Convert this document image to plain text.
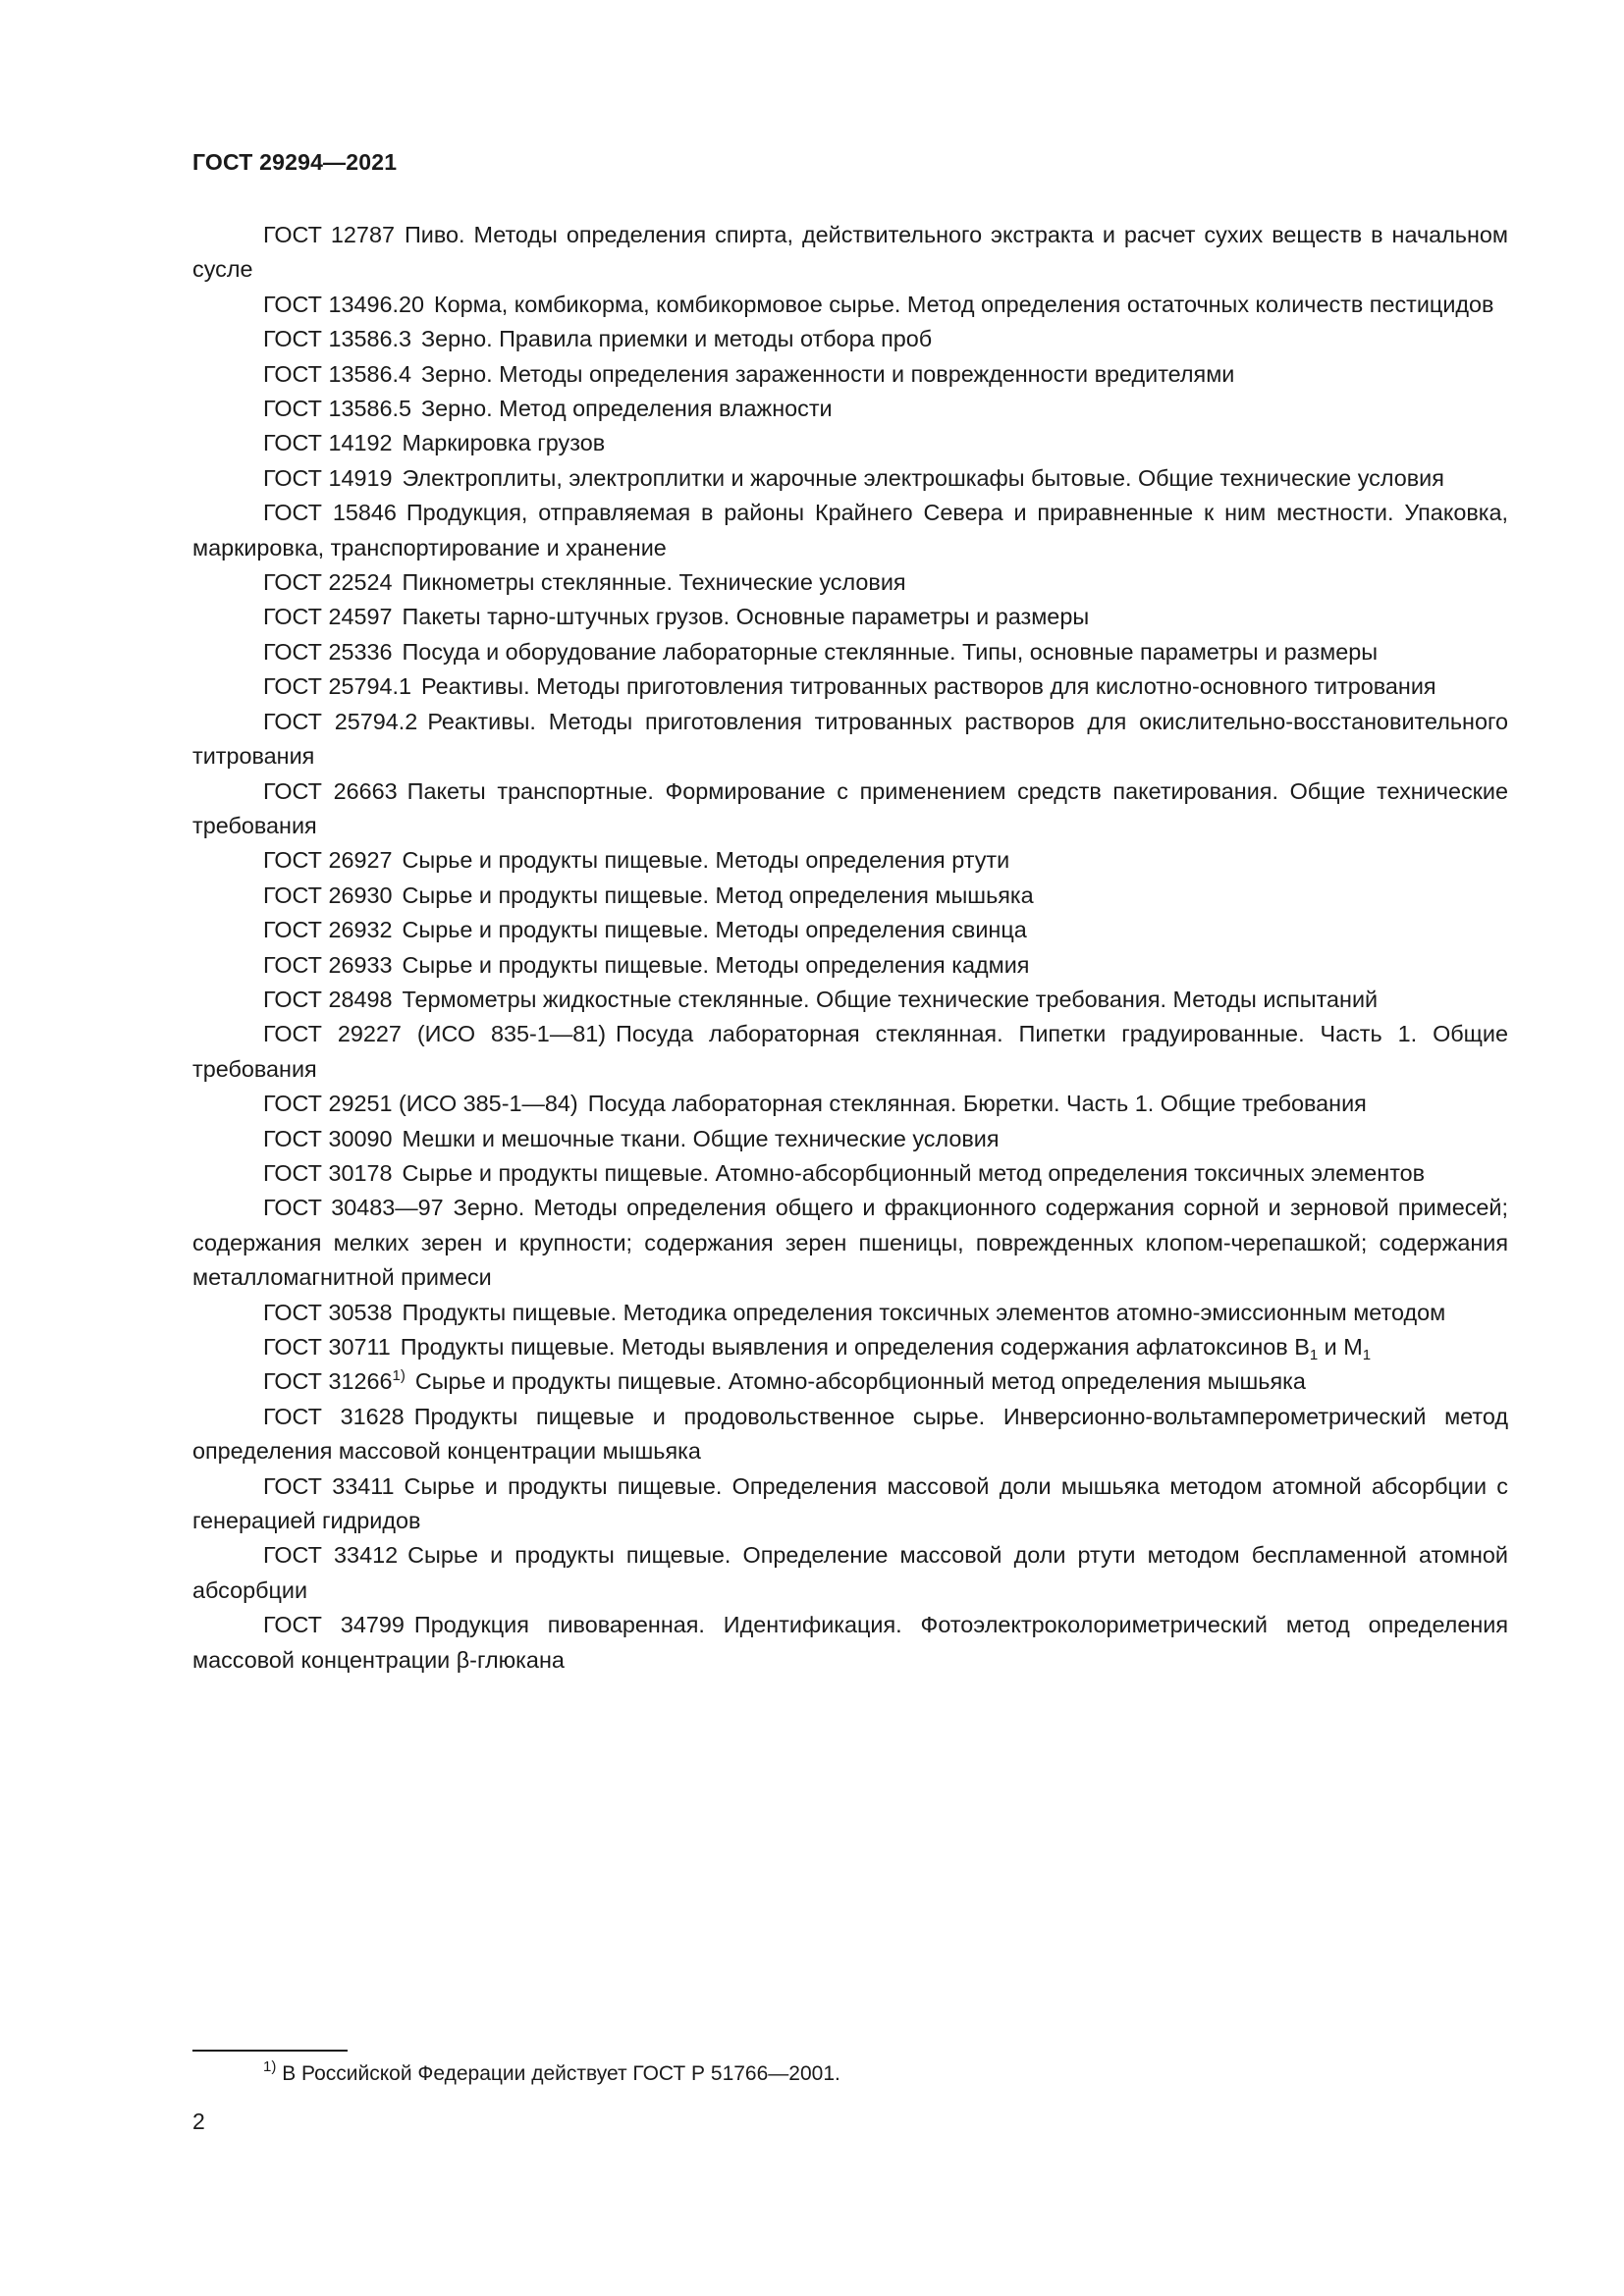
ГОСТ 29294—2021

ГОСТ 12787 Пиво. Методы определения спирта, действительного экстракта и расчет сухих веществ в начальном сусле

ГОСТ 13496.20 Корма, комбикорма, комбикормовое сырье. Метод определения остаточных количеств пестицидов

ГОСТ 13586.3 Зерно. Правила приемки и методы отбора проб

ГОСТ 13586.4 Зерно. Методы определения зараженности и поврежденности вредителями

ГОСТ 13586.5 Зерно. Метод определения влажности

ГОСТ 14192 Маркировка грузов

ГОСТ 14919 Электроплиты, электроплитки и жарочные электрошкафы бытовые. Общие технические условия

ГОСТ 15846 Продукция, отправляемая в районы Крайнего Севера и приравненные к ним местности. Упаковка, маркировка, транспортирование и хранение

ГОСТ 22524 Пикнометры стеклянные. Технические условия

ГОСТ 24597 Пакеты тарно-штучных грузов. Основные параметры и размеры

ГОСТ 25336 Посуда и оборудование лабораторные стеклянные. Типы, основные параметры и размеры

ГОСТ 25794.1 Реактивы. Методы приготовления титрованных растворов для кислотно-основного титрования

ГОСТ 25794.2 Реактивы. Методы приготовления титрованных растворов для окислительно-восстановительного титрования

ГОСТ 26663 Пакеты транспортные. Формирование с применением средств пакетирования. Общие технические требования

ГОСТ 26927 Сырье и продукты пищевые. Методы определения ртути

ГОСТ 26930 Сырье и продукты пищевые. Метод определения мышьяка

ГОСТ 26932 Сырье и продукты пищевые. Методы определения свинца

ГОСТ 26933 Сырье и продукты пищевые. Методы определения кадмия

ГОСТ 28498 Термометры жидкостные стеклянные. Общие технические требования. Методы испытаний

ГОСТ 29227 (ИСО 835-1—81) Посуда лабораторная стеклянная. Пипетки градуированные. Часть 1. Общие требования

ГОСТ 29251 (ИСО 385-1—84) Посуда лабораторная стеклянная. Бюретки. Часть 1. Общие требования

ГОСТ 30090 Мешки и мешочные ткани. Общие технические условия

ГОСТ 30178 Сырье и продукты пищевые. Атомно-абсорбционный метод определения токсичных элементов

ГОСТ 30483—97 Зерно. Методы определения общего и фракционного содержания сорной и зерновой примесей; содержания мелких зерен и крупности; содержания зерен пшеницы, поврежденных клопом-черепашкой; содержания металломагнитной примеси

ГОСТ 30538 Продукты пищевые. Методика определения токсичных элементов атомно-эмиссионным методом

ГОСТ 30711 Продукты пищевые. Методы выявления и определения содержания афлатоксинов $B_1$ и $M_1$

ГОСТ 31266$^{1)}$ Сырье и продукты пищевые. Атомно-абсорбционный метод определения мышьяка

ГОСТ 31628 Продукты пищевые и продовольственное сырье. Инверсионно-вольтамперометрический метод определения массовой концентрации мышьяка

ГОСТ 33411 Сырье и продукты пищевые. Определения массовой доли мышьяка методом атомной абсорбции с генерацией гидридов

ГОСТ 33412 Сырье и продукты пищевые. Определение массовой доли ртути методом беспламенной атомной абсорбции

ГОСТ 34799 Продукция пивоваренная. Идентификация. Фотоэлектроколориметрический метод определения массовой концентрации β-глюкана

$^{1)}$ В Российской Федерации действует ГОСТ Р 51766—2001.
2
